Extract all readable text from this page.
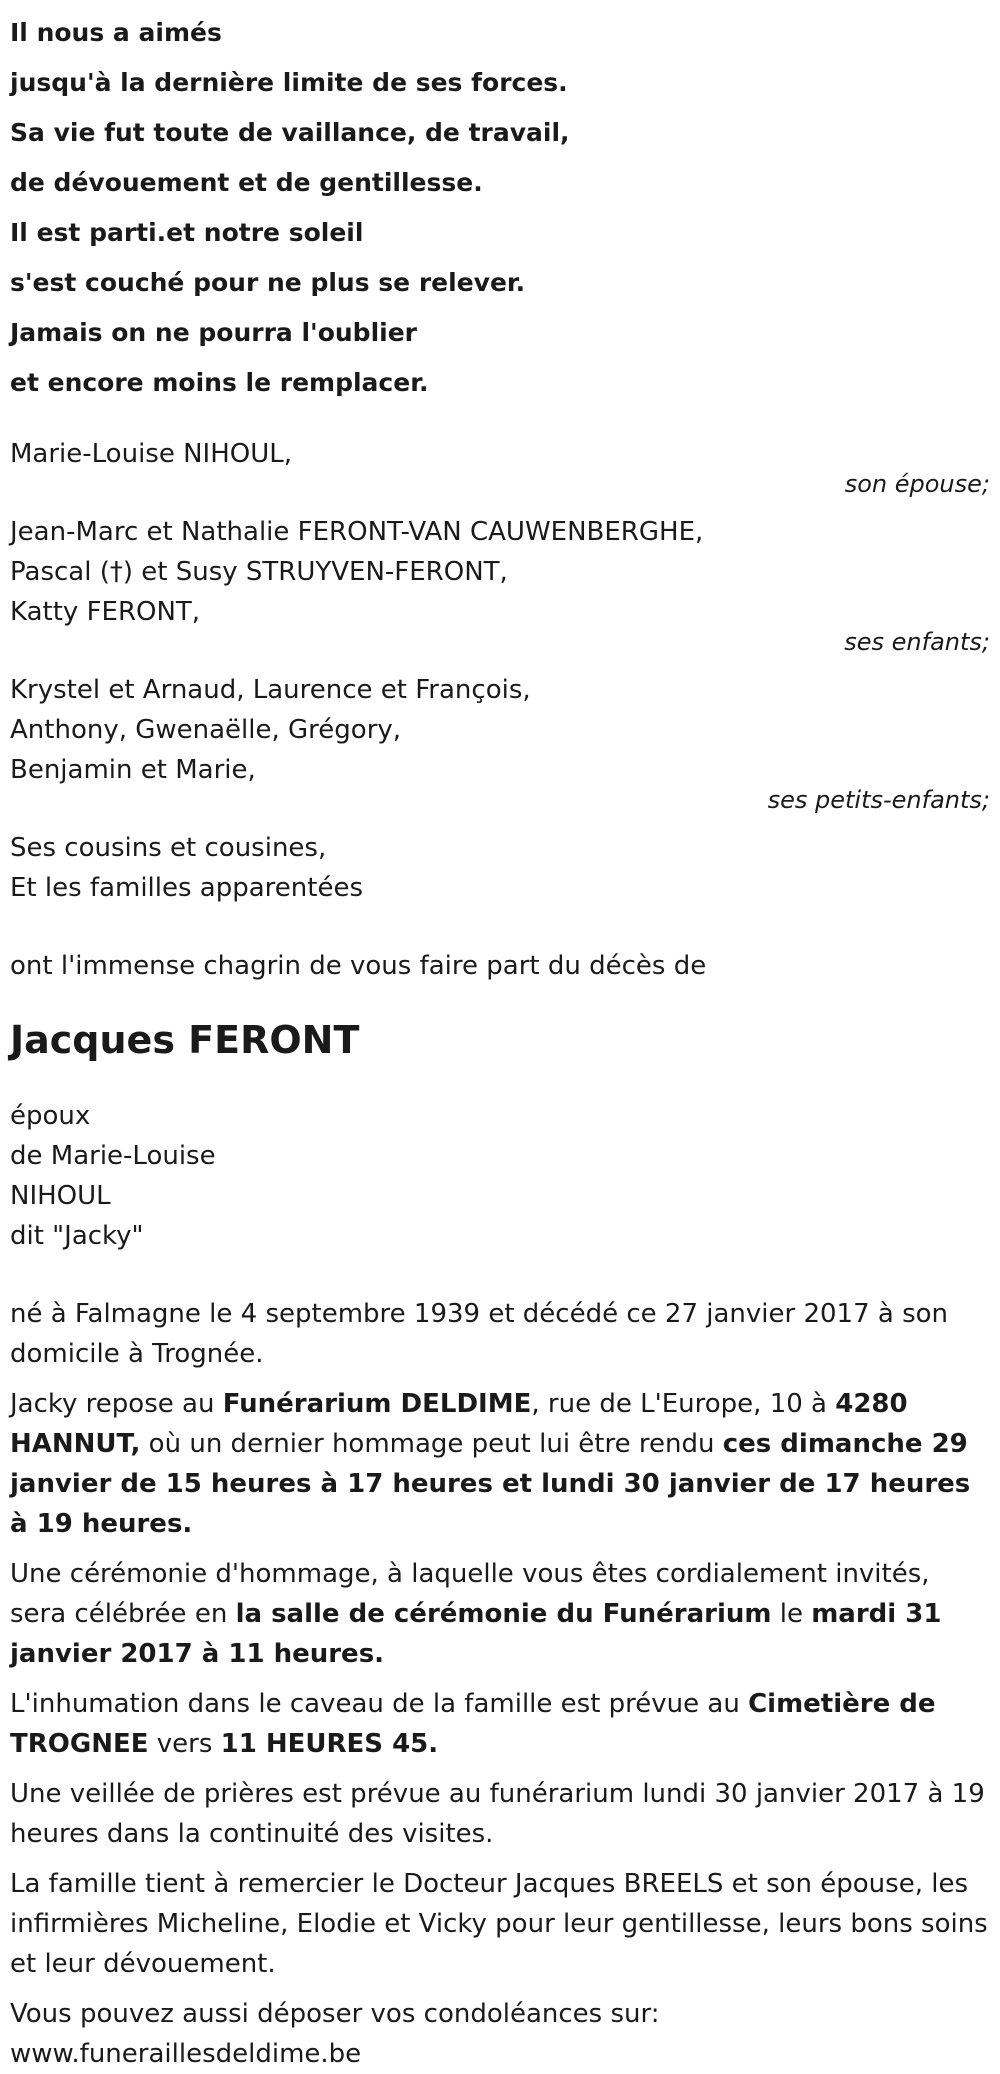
Il nous a aimés

jusqu'à la dernière limite de ses forces.

Sa vie fut toute de vaillance, de travail,

de dévouement et de gentillesse.

Il est parti.et notre soleil

s'est couché pour ne plus se relever.

Jamais on ne pourra l'oublier

et encore moins le remplacer.

Marie-Louise NIHOUL,

son épouse;

Jean-Marc et Nathalie FERONT-VAN CAUWENBERGHE,

Pascal (†) et Susy STRUYVEN-FERONT,

Katty FERONT,

ses enfants;

Krystel et Arnaud, Laurence et François,

Anthony, Gwenaëlle, Grégory,

Benjamin et Marie,

ses petits-enfants;

Ses cousins et cousines,

Et les familles apparentées

ont l'immense chagrin de vous faire part du décès de

Jacques FERONT

époux

de Marie-Louise

NIHOUL

dit "Jacky"

né à Falmagne le 4 septembre 1939 et décédé ce 27 janvier 2017 à son domicile à Trognée.

Jacky repose au Funérarium DELDIME, rue de L'Europe, 10 à 4280 HANNUT, où un dernier hommage peut lui être rendu ces dimanche 29 janvier de 15 heures à 17 heures et lundi 30 janvier de 17 heures à 19 heures.

Une cérémonie d'hommage, à laquelle vous êtes cordialement invités, sera célébrée en la salle de cérémonie du Funérarium le mardi 31 janvier 2017 à 11 heures.

L'inhumation dans le caveau de la famille est prévue au Cimetière de TROGNEE vers 11 HEURES 45.

Une veillée de prières est prévue au funérarium lundi 30 janvier 2017 à 19 heures dans la continuité des visites.

La famille tient à remercier le Docteur Jacques BREELS et son épouse, les infirmières Micheline, Elodie et Vicky pour leur gentillesse, leurs bons soins et leur dévouement.

Vous pouvez aussi déposer vos condoléances sur:

www.funeraillesdeldime.be
